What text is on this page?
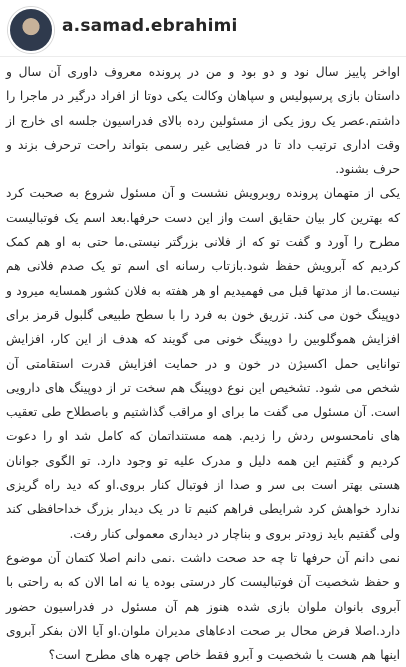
a.samad.ebrahimi

اواخر پاییز سال نود و دو بود و من در پرونده معروف داوری آن سال و داستان بازی پرسپولیس و سپاهان وکالت یکی دوتا از افراد درگیر در ماجرا را داشتم.عصر یک روز یکی از مسئولین رده بالای فدراسیون جلسه ای خارج از وقت اداری ترتیب داد تا در فضایی غیر رسمی بتواند راحت ترحرف بزند و حرف بشنود.

یکی از متهمان پرونده روبرویش نشست و آن مسئول شروع به صحبت کرد که بهترین کار بیان حقایق است واز این دست حرفها.بعد اسم یک فوتبالیست مطرح را آورد و گفت تو که از فلانی بزرگتر نیستی.ما حتی به او هم کمک کردیم که آبرویش حفظ شود.بازتاب رسانه ای اسم تو یک صدم فلانی هم نیست.ما از مدتها قبل می فهمیدیم او هر هفته به فلان کشور همسایه میرود و دوپینگ خون می کند. تزریق خون به فرد را با سطح طبیعی گلبول قرمز برای افزایش هموگلوبین را دوپینگ خونی می گویند که هدف از این کار، افزایش توانایی حمل اکسیژن در خون و در حمایت افزایش قدرت استقامتی آن شخص می شود. تشخیص این نوع دوپینگ هم سخت تر از دوپینگ های دارویی است. آن مسئول می گفت ما برای او مراقب گذاشتیم و باصطلاح طی تعقیب های نامحسوس ردش را زدیم. همه مستنداتمان که کامل شد او را دعوت کردیم و گفتیم این همه دلیل و مدرک علیه تو وجود دارد. تو الگوی جوانان هستی بهتر است بی سر و صدا از فوتبال کنار بروی.او که دید راه گریزی ندارد خواهش کرد شرایطی فراهم کنیم تا در یک دیدار بزرگ خداحافظی کند ولی گفتیم باید زودتر بروی و بناچار در دیداری معمولی کنار رفت.

نمی دانم آن حرفها تا چه حد صحت داشت .نمی دانم اصلا کتمان آن موضوع و حفظ شخصیت آن فوتبالیست کار درستی بوده یا نه اما الان که به راحتی با آبروی بانوان ملوان بازی شده هنوز هم آن مسئول در فدراسیون حضور دارد.اصلا فرض محال بر صحت ادعاهای مدیران ملوان.او آیا الان بفکر آبروی اینها هم هست یا شخصیت و آبرو فقط خاص چهره های مطرح است؟
